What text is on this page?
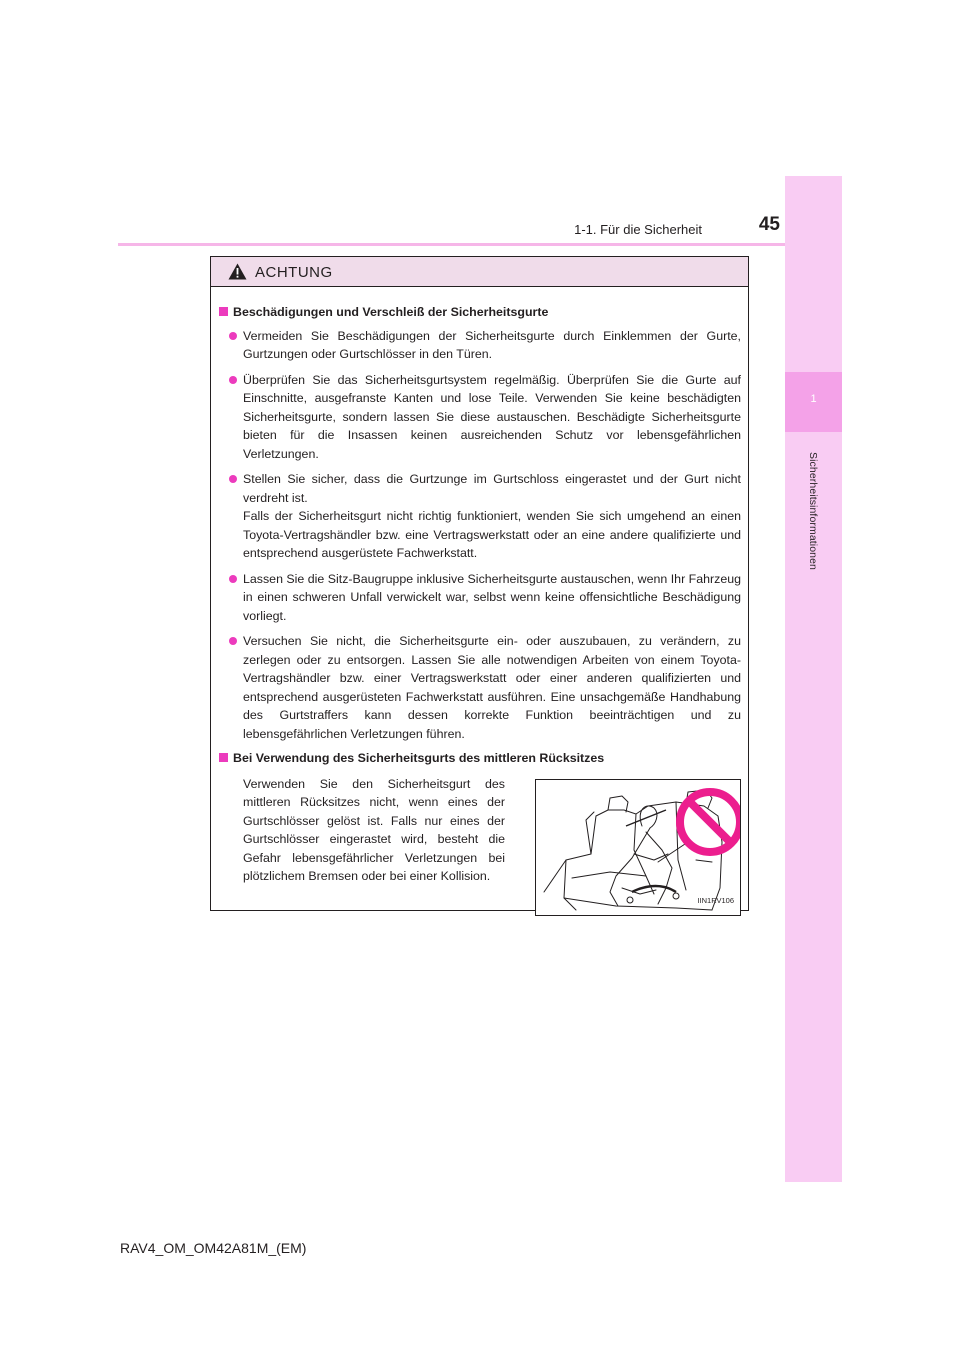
1-1. Für die Sicherheit	45
1
Sicherheitsinformationen
ACHTUNG
Beschädigungen und Verschleiß der Sicherheitsgurte
Vermeiden Sie Beschädigungen der Sicherheitsgurte durch Einklemmen der Gurte, Gurtzungen oder Gurtschlösser in den Türen.
Überprüfen Sie das Sicherheitsgurtsystem regelmäßig. Überprüfen Sie die Gurte auf Einschnitte, ausgefranste Kanten und lose Teile. Verwenden Sie keine beschädigten Sicherheitsgurte, sondern lassen Sie diese austauschen. Beschädigte Sicherheitsgurte bieten für die Insassen keinen ausreichenden Schutz vor lebensgefährlichen Verletzungen.
Stellen Sie sicher, dass die Gurtzunge im Gurtschloss eingerastet und der Gurt nicht verdreht ist.
Falls der Sicherheitsgurt nicht richtig funktioniert, wenden Sie sich umgehend an einen Toyota-Vertragshändler bzw. eine Vertragswerkstatt oder an eine andere qualifizierte und entsprechend ausgerüstete Fachwerkstatt.
Lassen Sie die Sitz-Baugruppe inklusive Sicherheitsgurte austauschen, wenn Ihr Fahrzeug in einen schweren Unfall verwickelt war, selbst wenn keine offensichtliche Beschädigung vorliegt.
Versuchen Sie nicht, die Sicherheitsgurte ein- oder auszubauen, zu verändern, zu zerlegen oder zu entsorgen. Lassen Sie alle notwendigen Arbeiten von einem Toyota-Vertragshändler bzw. einer Vertragswerkstatt oder einer anderen qualifizierten und entsprechend ausgerüsteten Fachwerkstatt ausführen. Eine unsachgemäße Handhabung des Gurtstraffers kann dessen korrekte Funktion beeinträchtigen und zu lebensgefährlichen Verletzungen führen.
Bei Verwendung des Sicherheitsgurts des mittleren Rücksitzes
Verwenden Sie den Sicherheitsgurt des mittleren Rücksitzes nicht, wenn eines der Gurtschlösser gelöst ist. Falls nur eines der Gurtschlösser eingerastet wird, besteht die Gefahr lebensgefährlicher Verletzungen bei plötzlichem Bremsen oder bei einer Kollision.
IIN1RV106
RAV4_OM_OM42A81M_(EM)
